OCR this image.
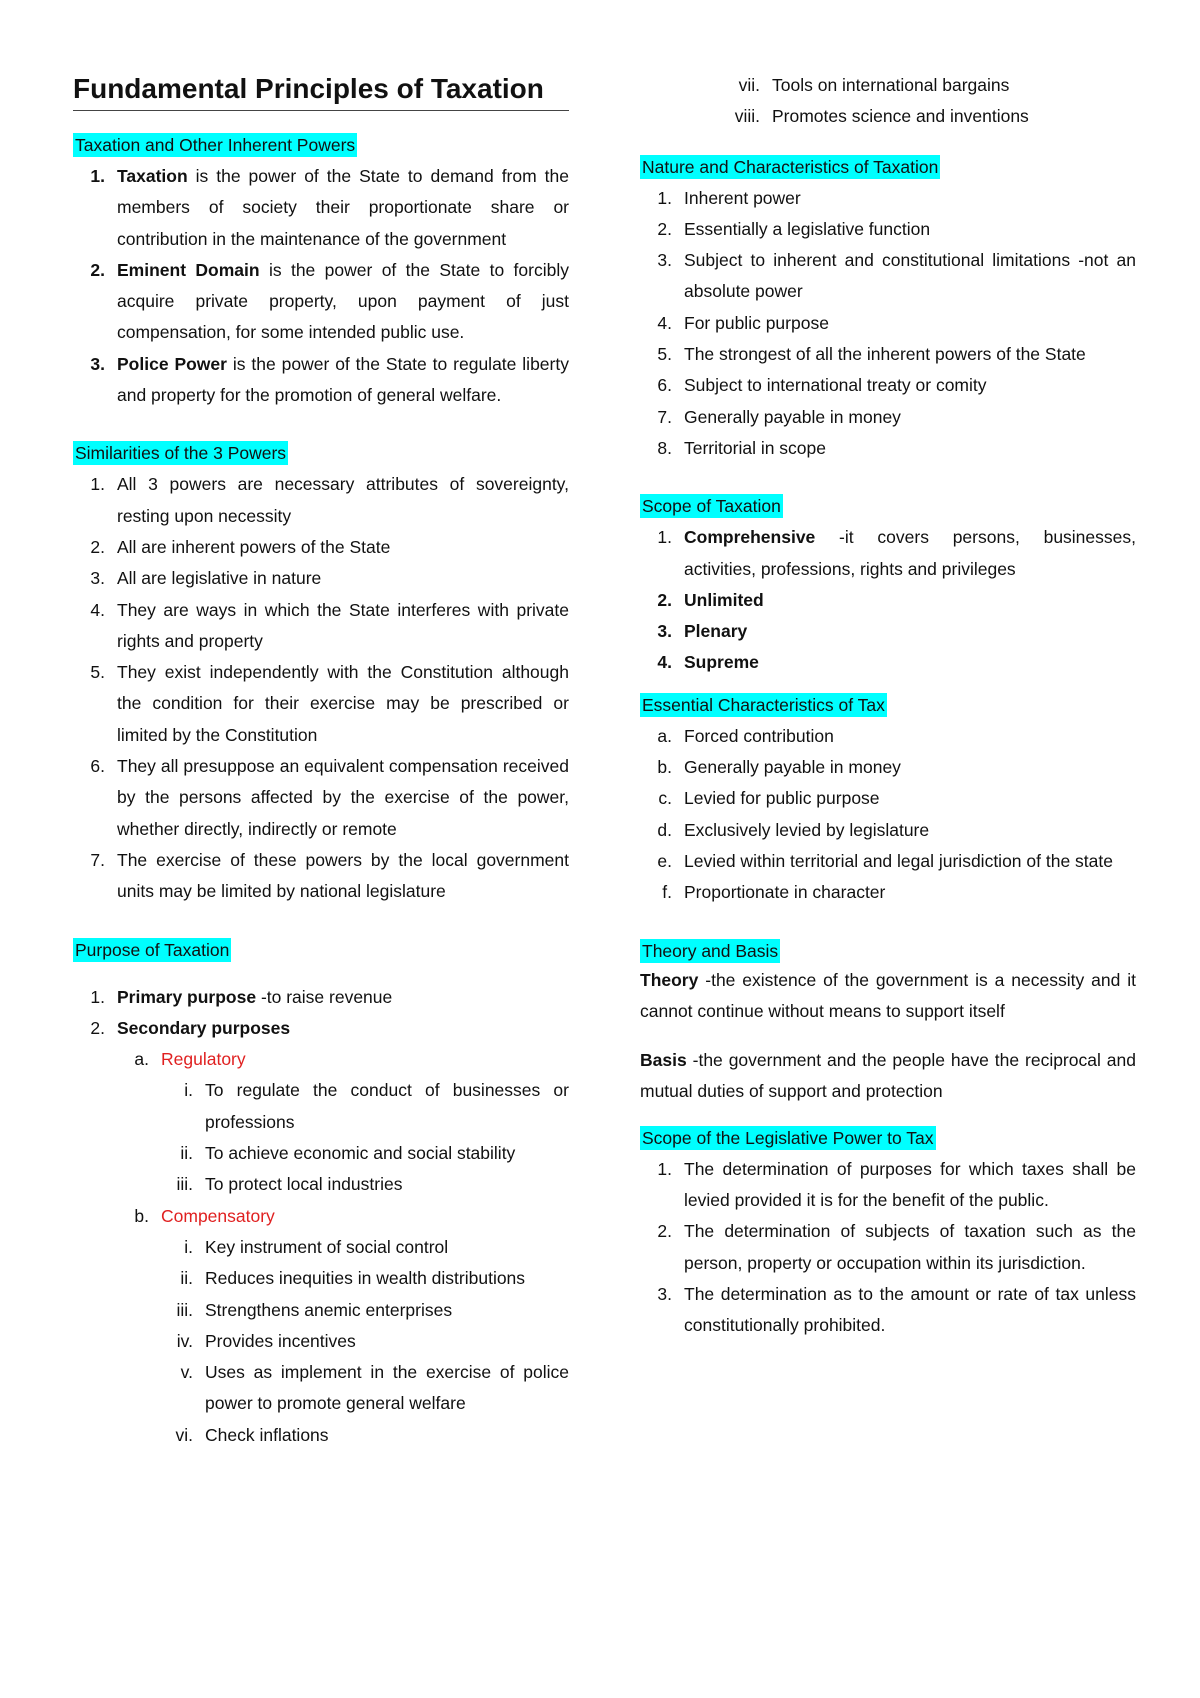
Fundamental Principles of Taxation
Taxation and Other Inherent Powers
1. Taxation is the power of the State to demand from the members of society their proportionate share or contribution in the maintenance of the government
2. Eminent Domain is the power of the State to forcibly acquire private property, upon payment of just compensation, for some intended public use.
3. Police Power is the power of the State to regulate liberty and property for the promotion of general welfare.
Similarities of the 3 Powers
1. All 3 powers are necessary attributes of sovereignty, resting upon necessity
2. All are inherent powers of the State
3. All are legislative in nature
4. They are ways in which the State interferes with private rights and property
5. They exist independently with the Constitution although the condition for their exercise may be prescribed or limited by the Constitution
6. They all presuppose an equivalent compensation received by the persons affected by the exercise of the power, whether directly, indirectly or remote
7. The exercise of these powers by the local government units may be limited by national legislature
Purpose of Taxation
1. Primary purpose -to raise revenue
2. Secondary purposes
a. Regulatory
i. To regulate the conduct of businesses or professions
ii. To achieve economic and social stability
iii. To protect local industries
b. Compensatory
i. Key instrument of social control
ii. Reduces inequities in wealth distributions
iii. Strengthens anemic enterprises
iv. Provides incentives
v. Uses as implement in the exercise of police power to promote general welfare
vi. Check inflations
vii. Tools on international bargains
viii. Promotes science and inventions
Nature and Characteristics of Taxation
1. Inherent power
2. Essentially a legislative function
3. Subject to inherent and constitutional limitations -not an absolute power
4. For public purpose
5. The strongest of all the inherent powers of the State
6. Subject to international treaty or comity
7. Generally payable in money
8. Territorial in scope
Scope of Taxation
1. Comprehensive -it covers persons, businesses, activities, professions, rights and privileges
2. Unlimited
3. Plenary
4. Supreme
Essential Characteristics of Tax
a. Forced contribution
b. Generally payable in money
c. Levied for public purpose
d. Exclusively levied by legislature
e. Levied within territorial and legal jurisdiction of the state
f. Proportionate in character
Theory and Basis

Theory -the existence of the government is a necessity and it cannot continue without means to support itself

Basis -the government and the people have the reciprocal and mutual duties of support and protection

Scope of the Legislative Power to Tax
1. The determination of purposes for which taxes shall be levied provided it is for the benefit of the public.
2. The determination of subjects of taxation such as the person, property or occupation within its jurisdiction.
3. The determination as to the amount or rate of tax unless constitutionally prohibited.
